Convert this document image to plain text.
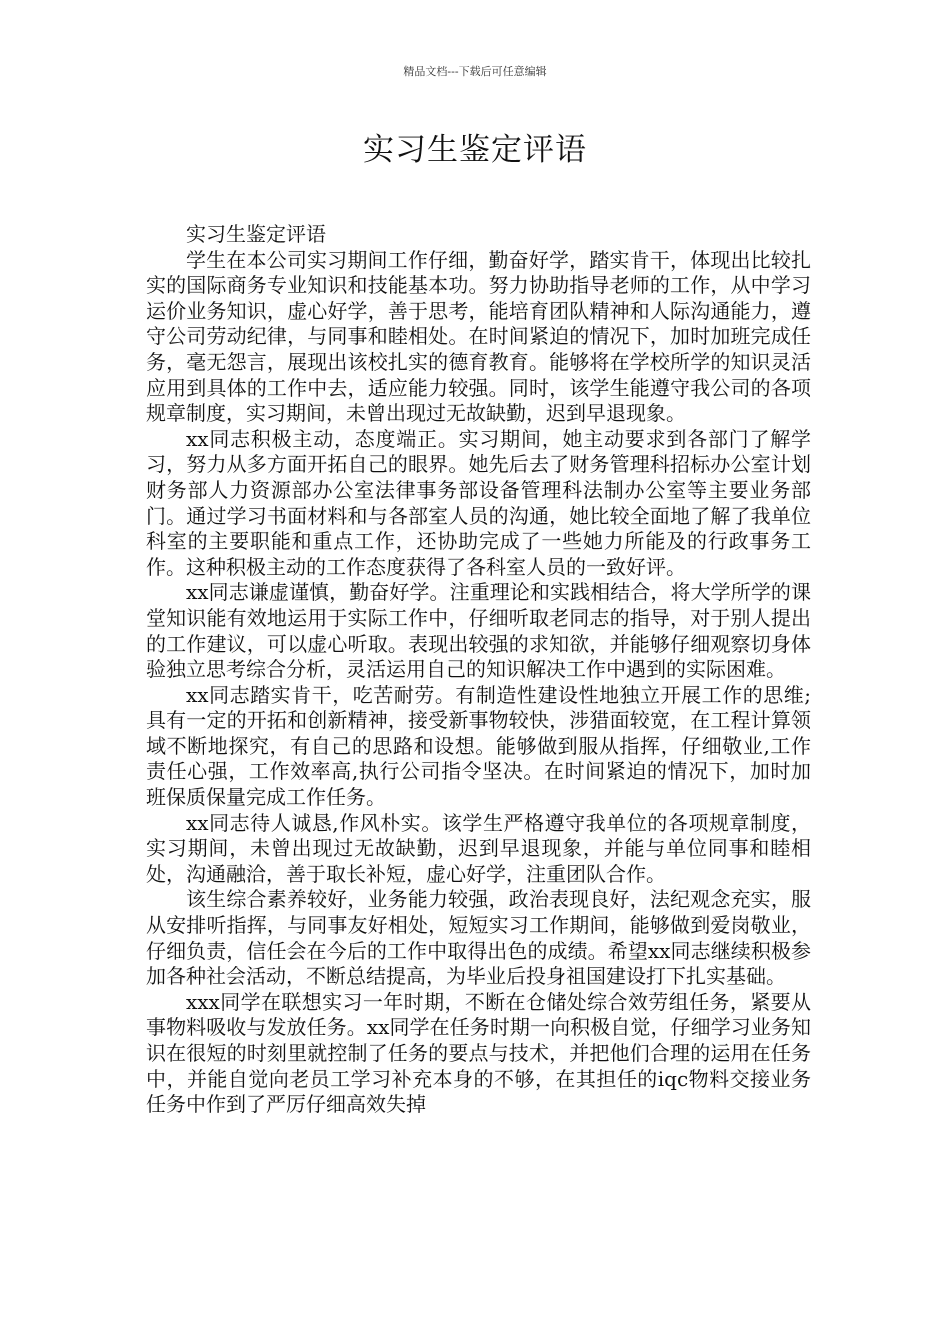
精品文档---下载后可任意编辑
实习生鉴定评语

实习生鉴定评语

学生在本公司实习期间工作仔细，勤奋好学，踏实肯干，体现出比较扎实的国际商务专业知识和技能基本功。努力协助指导老师的工作，从中学习运价业务知识，虚心好学，善于思考，能培育团队精神和人际沟通能力，遵守公司劳动纪律，与同事和睦相处。在时间紧迫的情况下，加时加班完成任务，毫无怨言，展现出该校扎实的德育教育。能够将在学校所学的知识灵活应用到具体的工作中去，适应能力较强。同时，该学生能遵守我公司的各项规章制度，实习期间，未曾出现过无故缺勤，迟到早退现象。

xx同志积极主动，态度端正。实习期间，她主动要求到各部门了解学习，努力从多方面开拓自己的眼界。她先后去了财务管理科招标办公室计划财务部人力资源部办公室法律事务部设备管理科法制办公室等主要业务部门。通过学习书面材料和与各部室人员的沟通，她比较全面地了解了我单位科室的主要职能和重点工作，还协助完成了一些她力所能及的行政事务工作。这种积极主动的工作态度获得了各科室人员的一致好评。

xx同志谦虚谨慎，勤奋好学。注重理论和实践相结合，将大学所学的课堂知识能有效地运用于实际工作中，仔细听取老同志的指导，对于别人提出的工作建议，可以虚心听取。表现出较强的求知欲，并能够仔细观察切身体验独立思考综合分析，灵活运用自己的知识解决工作中遇到的实际困难。

xx同志踏实肯干，吃苦耐劳。有制造性建设性地独立开展工作的思维;具有一定的开拓和创新精神，接受新事物较快，涉猎面较宽，在工程计算领域不断地探究，有自己的思路和设想。能够做到服从指挥，仔细敬业,工作责任心强，工作效率高,执行公司指令坚决。在时间紧迫的情况下，加时加班保质保量完成工作任务。

xx同志待人诚恳,作风朴实。该学生严格遵守我单位的各项规章制度，实习期间，未曾出现过无故缺勤，迟到早退现象，并能与单位同事和睦相处，沟通融洽，善于取长补短，虚心好学，注重团队合作。

该生综合素养较好，业务能力较强，政治表现良好，法纪观念充实，服从安排听指挥，与同事友好相处，短短实习工作期间，能够做到爱岗敬业，仔细负责，信任会在今后的工作中取得出色的成绩。希望xx同志继续积极参加各种社会活动，不断总结提高，为毕业后投身祖国建设打下扎实基础。

xxx同学在联想实习一年时期，不断在仓储处综合效劳组任务，紧要从事物料吸收与发放任务。xx同学在任务时期一向积极自觉，仔细学习业务知识在很短的时刻里就控制了任务的要点与技术，并把他们合理的运用在任务中，并能自觉向老员工学习补充本身的不够，在其担任的iqc物料交接业务任务中作到了严厉仔细高效失掉
